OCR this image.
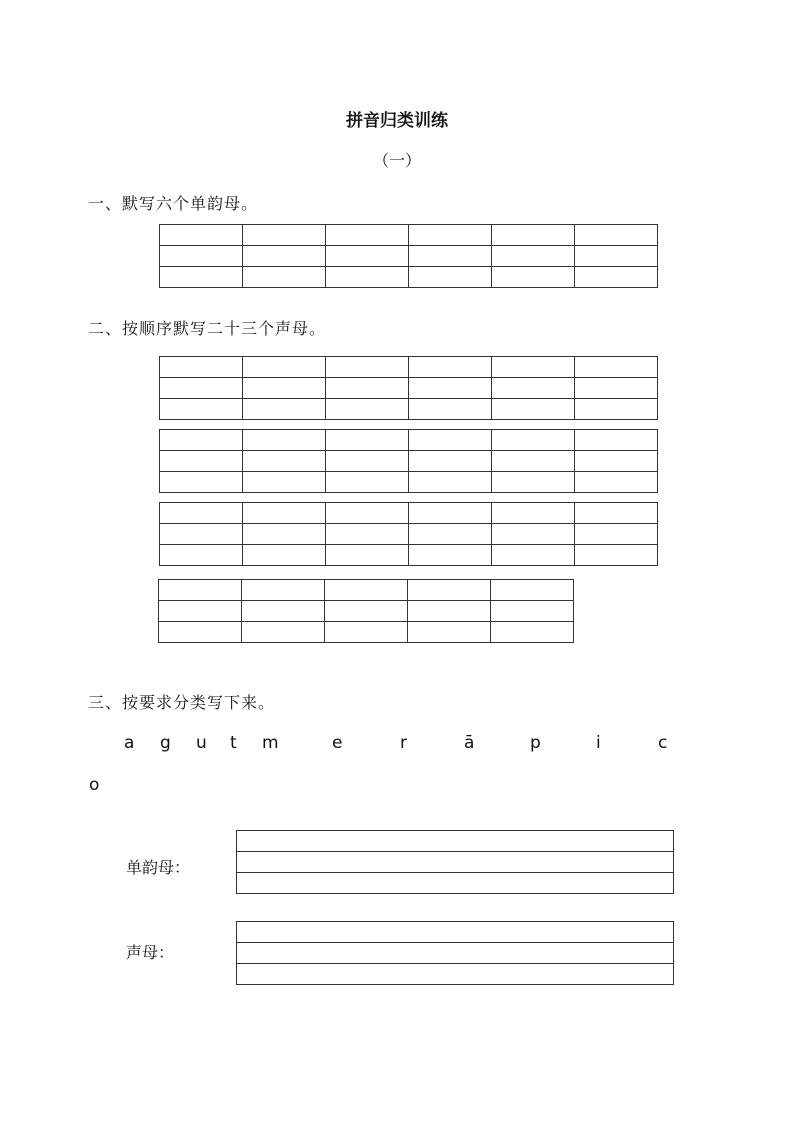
拼音归类训练
（一）
一、默写六个单韵母。

二、按顺序默写二十三个声母。

三、按要求分类写下来。
a g u t m	e	r	ā	p	i	c
o
单韵母：

声母：
